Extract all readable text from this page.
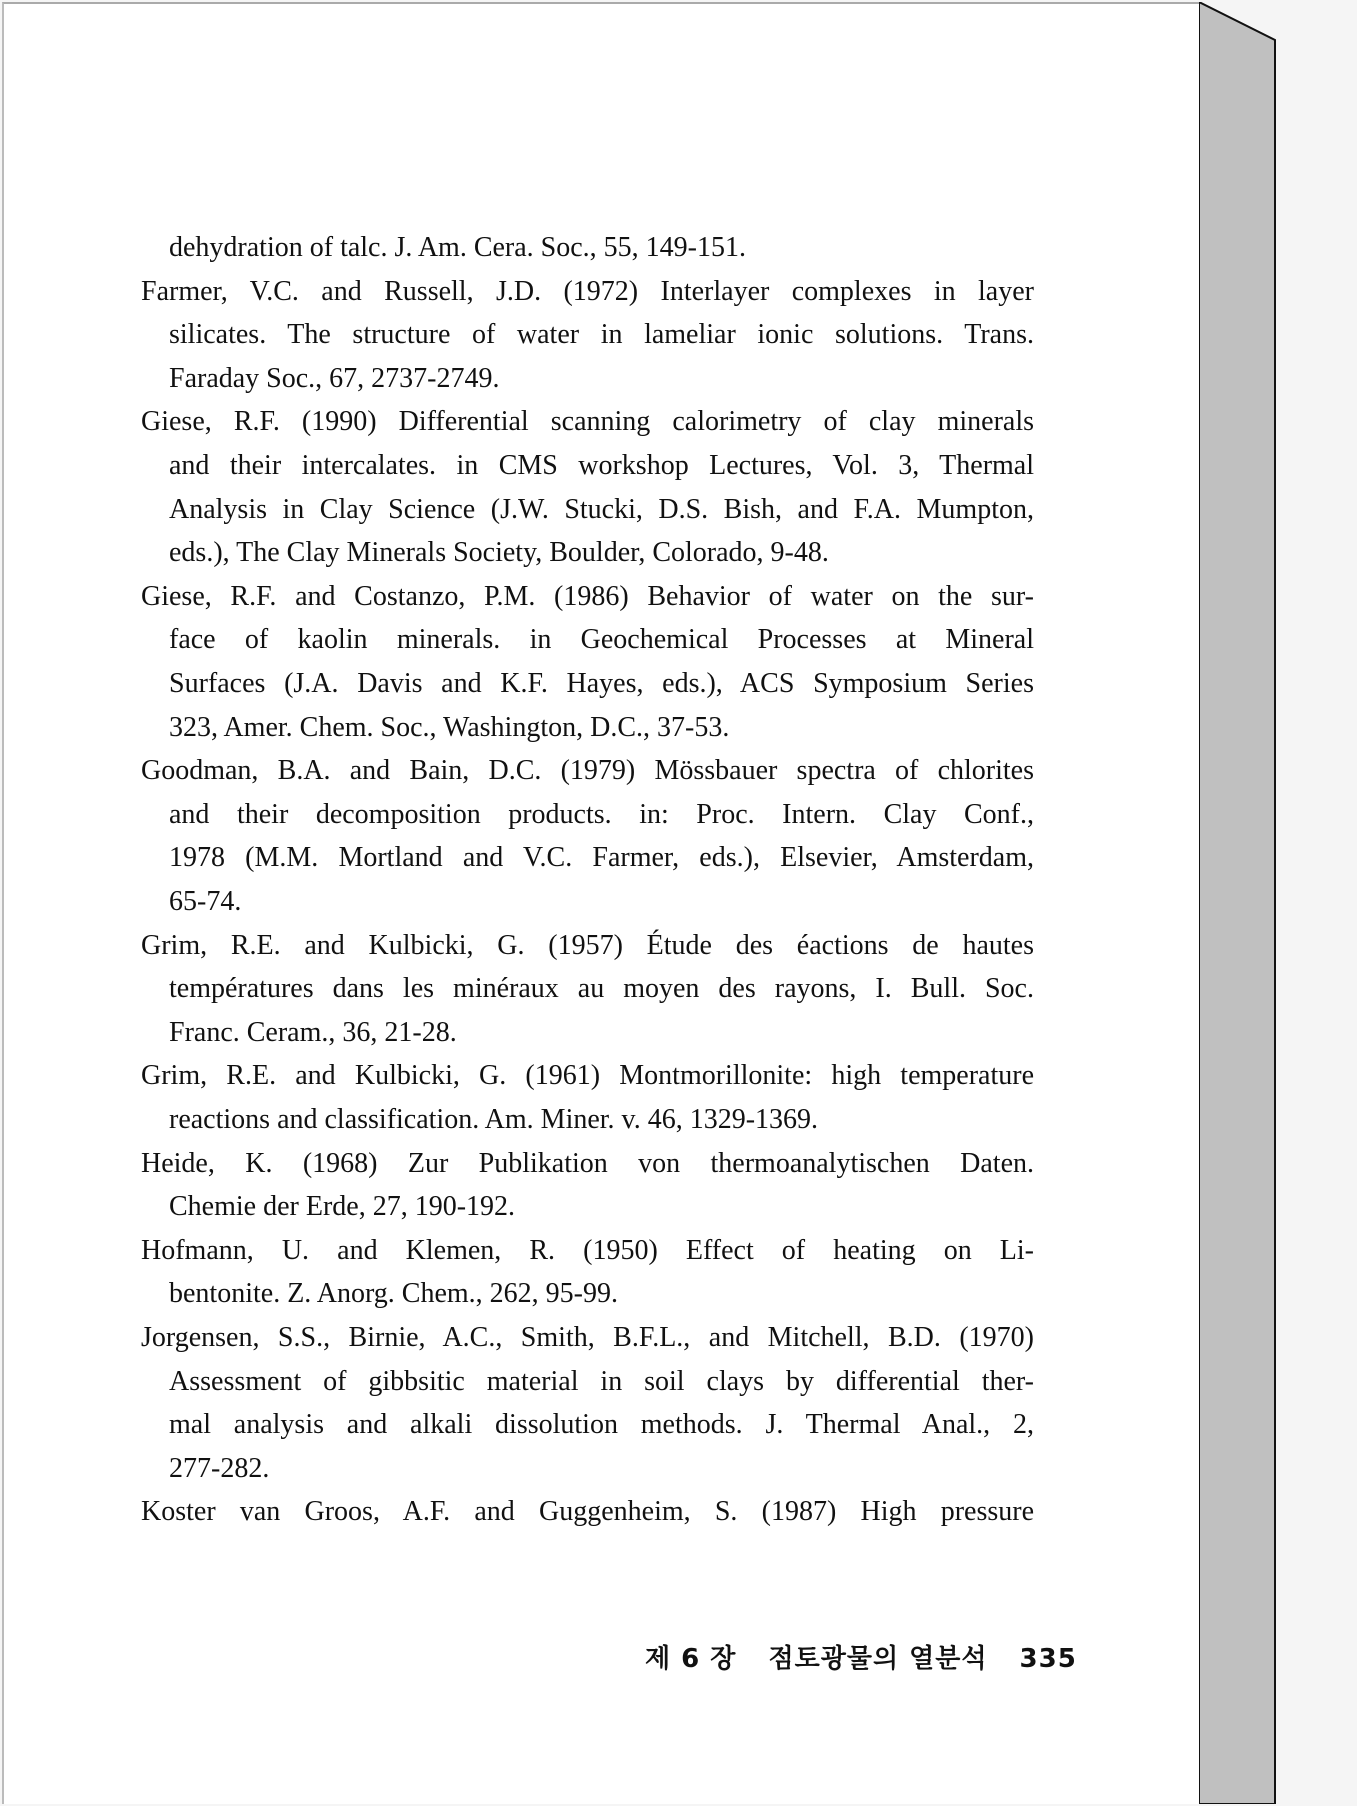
dehydration of talc. J. Am. Cera. Soc., 55, 149-151.
Farmer, V.C. and Russell, J.D. (1972) Interlayer complexes in layer
silicates. The structure of water in lameliar ionic solutions. Trans.
Faraday Soc., 67, 2737-2749.
Giese, R.F. (1990) Differential scanning calorimetry of clay minerals
and their intercalates. in CMS workshop Lectures, Vol. 3, Thermal
Analysis in Clay Science (J.W. Stucki, D.S. Bish, and F.A. Mumpton,
eds.), The Clay Minerals Society, Boulder, Colorado, 9-48.
Giese, R.F. and Costanzo, P.M. (1986) Behavior of water on the sur-
face of kaolin minerals. in Geochemical Processes at Mineral
Surfaces (J.A. Davis and K.F. Hayes, eds.), ACS Symposium Series
323, Amer. Chem. Soc., Washington, D.C., 37-53.
Goodman, B.A. and Bain, D.C. (1979) Mössbauer spectra of chlorites
and their decomposition products. in: Proc. Intern. Clay Conf.,
1978 (M.M. Mortland and V.C. Farmer, eds.), Elsevier, Amsterdam,
65-74.
Grim, R.E. and Kulbicki, G. (1957) Étude des éactions de hautes
températures dans les minéraux au moyen des rayons, I. Bull. Soc.
Franc. Ceram., 36, 21-28.
Grim, R.E. and Kulbicki, G. (1961) Montmorillonite: high temperature
reactions and classification. Am. Miner. v. 46, 1329-1369.
Heide, K. (1968) Zur Publikation von thermoanalytischen Daten.
Chemie der Erde, 27, 190-192.
Hofmann, U. and Klemen, R. (1950) Effect of heating on Li-
bentonite. Z. Anorg. Chem., 262, 95-99.
Jorgensen, S.S., Birnie, A.C., Smith, B.F.L., and Mitchell, B.D. (1970)
Assessment of gibbsitic material in soil clays by differential ther-
mal analysis and alkali dissolution methods. J. Thermal Anal., 2,
277-282.
Koster van Groos, A.F. and Guggenheim, S. (1987) High pressure
제 6 장 점토광물의 열분석 335
